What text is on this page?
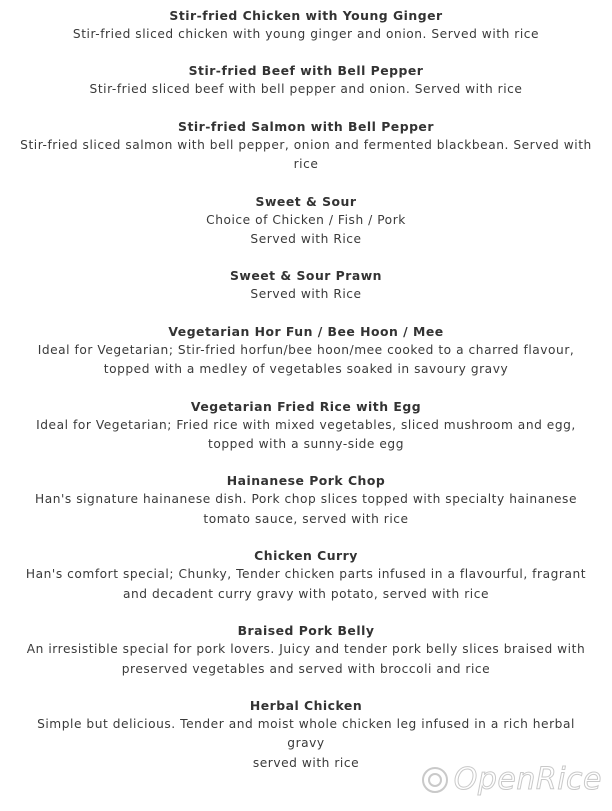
Stir-fried Chicken with Young Ginger
Stir-fried sliced chicken with young ginger and onion. Served with rice
Stir-fried Beef with Bell Pepper
Stir-fried sliced beef with bell pepper and onion. Served with rice
Stir-fried Salmon with Bell Pepper
Stir-fried sliced salmon with bell pepper, onion and fermented blackbean. Served with
rice
Sweet & Sour
Choice of Chicken / Fish / Pork
Served with Rice
Sweet & Sour Prawn
Served with Rice
Vegetarian Hor Fun / Bee Hoon / Mee
Ideal for Vegetarian; Stir-fried horfun/bee hoon/mee cooked to a charred flavour,
topped with a medley of vegetables soaked in savoury gravy
Vegetarian Fried Rice with Egg
Ideal for Vegetarian; Fried rice with mixed vegetables, sliced mushroom and egg,
topped with a sunny-side egg
Hainanese Pork Chop
Han's signature hainanese dish. Pork chop slices topped with specialty hainanese
tomato sauce, served with rice
Chicken Curry
Han's comfort special; Chunky, Tender chicken parts infused in a flavourful, fragrant
and decadent curry gravy with potato, served with rice
Braised Pork Belly
An irresistible special for pork lovers. Juicy and tender pork belly slices braised with
preserved vegetables and served with broccoli and rice
Herbal Chicken
Simple but delicious. Tender and moist whole chicken leg infused in a rich herbal gravy
served with rice	OpenRice
